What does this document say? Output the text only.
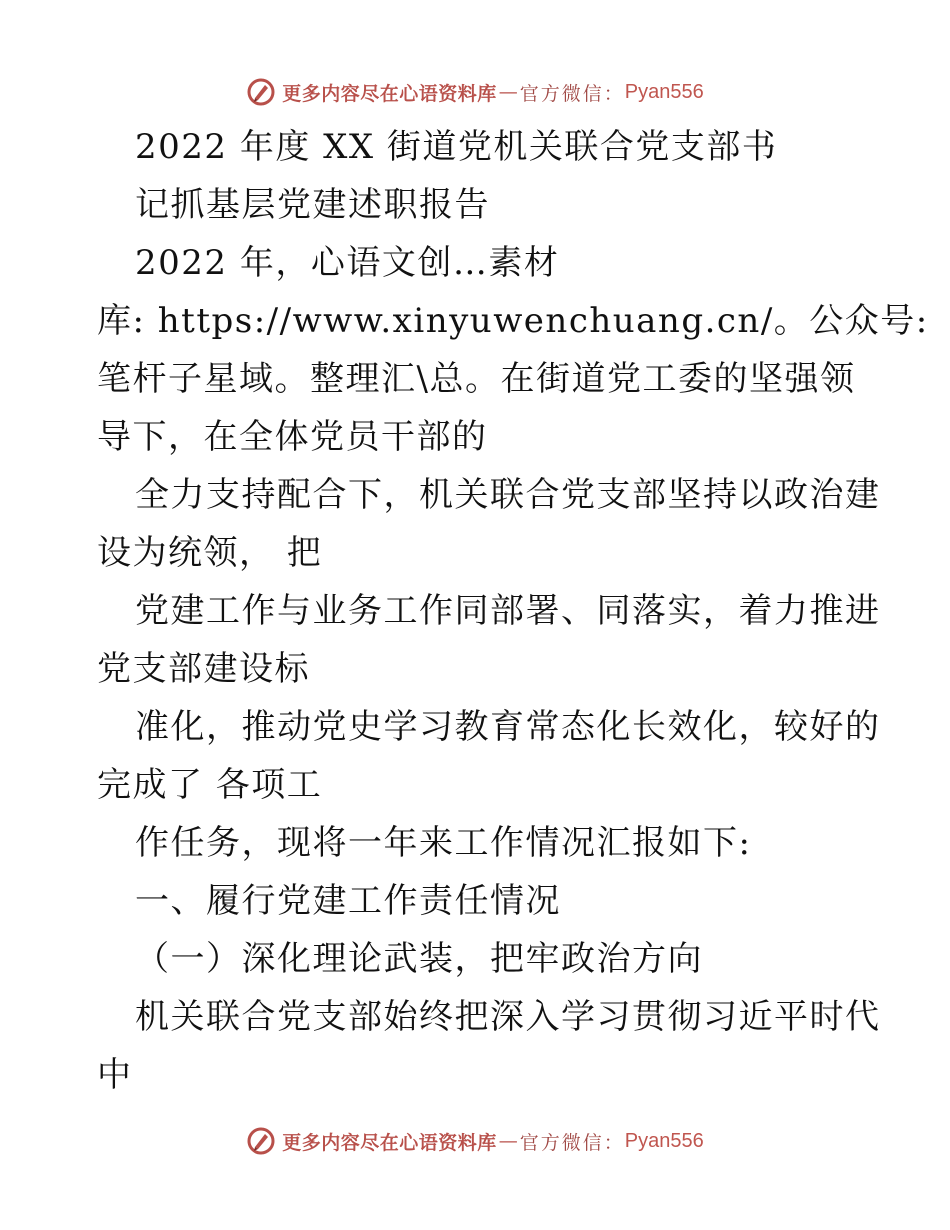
更多内容尽在心语资料库 — 官方微信： Pyan556
2022 年度 XX 街道党机关联合党支部书
记抓基层党建述职报告
2022 年，心语文创…素材
库: https://www.xinyuwenchuang.cn/。公众号:
笔杆子星域。整理汇\总。在街道党工委的坚强领
导下，在全体党员干部的
全力支持配合下，机关联合党支部坚持以政治建
设为统领， 把
党建工作与业务工作同部署、同落实，着力推进
党支部建设标
准化，推动党史学习教育常态化长效化，较好的
完成了 各项工
作任务，现将一年来工作情况汇报如下:
一、履行党建工作责任情况
（一）深化理论武装，把牢政治方向
机关联合党支部始终把深入学习贯彻习近平时代
中
更多内容尽在心语资料库 — 官方微信： Pyan556
